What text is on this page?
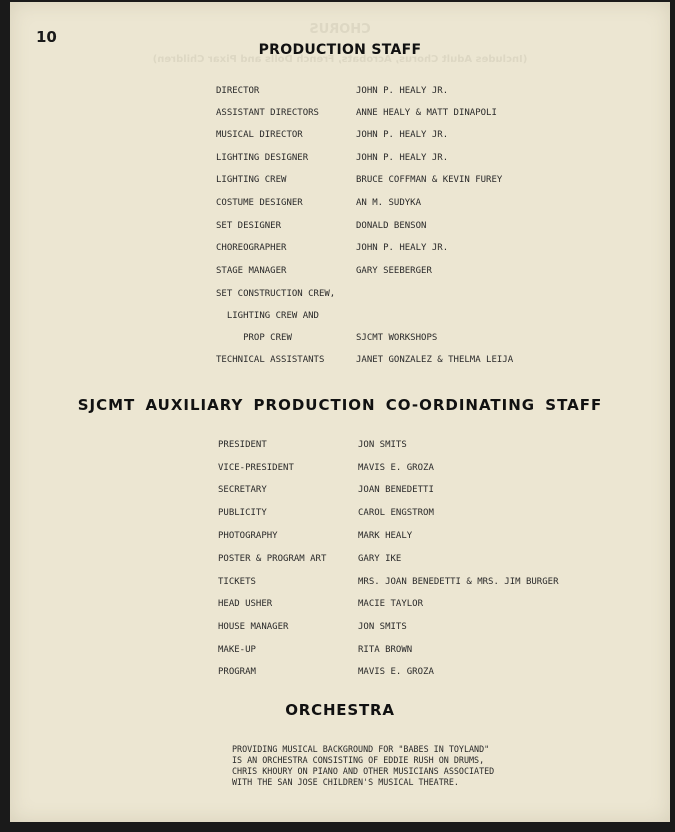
CHORUS
(Includes Adult Chorus, Acrobats, French Dolls and Pixar Children)
10
PRODUCTION STAFF
DIRECTOR	JOHN P. HEALY JR.
ASSISTANT DIRECTORS	ANNE HEALY & MATT DINAPOLI
MUSICAL DIRECTOR	JOHN P. HEALY JR.
LIGHTING DESIGNER	JOHN P. HEALY JR.
LIGHTING CREW	BRUCE COFFMAN & KEVIN FUREY
COSTUME DESIGNER	AN M. SUDYKA
SET DESIGNER	DONALD BENSON
CHOREOGRAPHER	JOHN P. HEALY JR.
STAGE MANAGER	GARY SEEBERGER
SET CONSTRUCTION CREW,
LIGHTING CREW AND
PROP CREW	SJCMT WORKSHOPS
TECHNICAL ASSISTANTS	JANET GONZALEZ & THELMA LEIJA
SJCMT AUXILIARY PRODUCTION CO-ORDINATING STAFF
PRESIDENT	JON SMITS
VICE-PRESIDENT	MAVIS E. GROZA
SECRETARY	JOAN BENEDETTI
PUBLICITY	CAROL ENGSTROM
PHOTOGRAPHY	MARK HEALY
POSTER & PROGRAM ART	GARY IKE
TICKETS	MRS. JOAN BENEDETTI & MRS. JIM BURGER
HEAD USHER	MACIE TAYLOR
HOUSE MANAGER	JON SMITS
MAKE-UP	RITA BROWN
PROGRAM	MAVIS E. GROZA
ORCHESTRA
PROVIDING MUSICAL BACKGROUND FOR "BABES IN TOYLAND"
IS AN ORCHESTRA CONSISTING OF EDDIE RUSH ON DRUMS,
CHRIS KHOURY ON PIANO AND OTHER MUSICIANS ASSOCIATED
WITH THE SAN JOSE CHILDREN'S MUSICAL THEATRE.
